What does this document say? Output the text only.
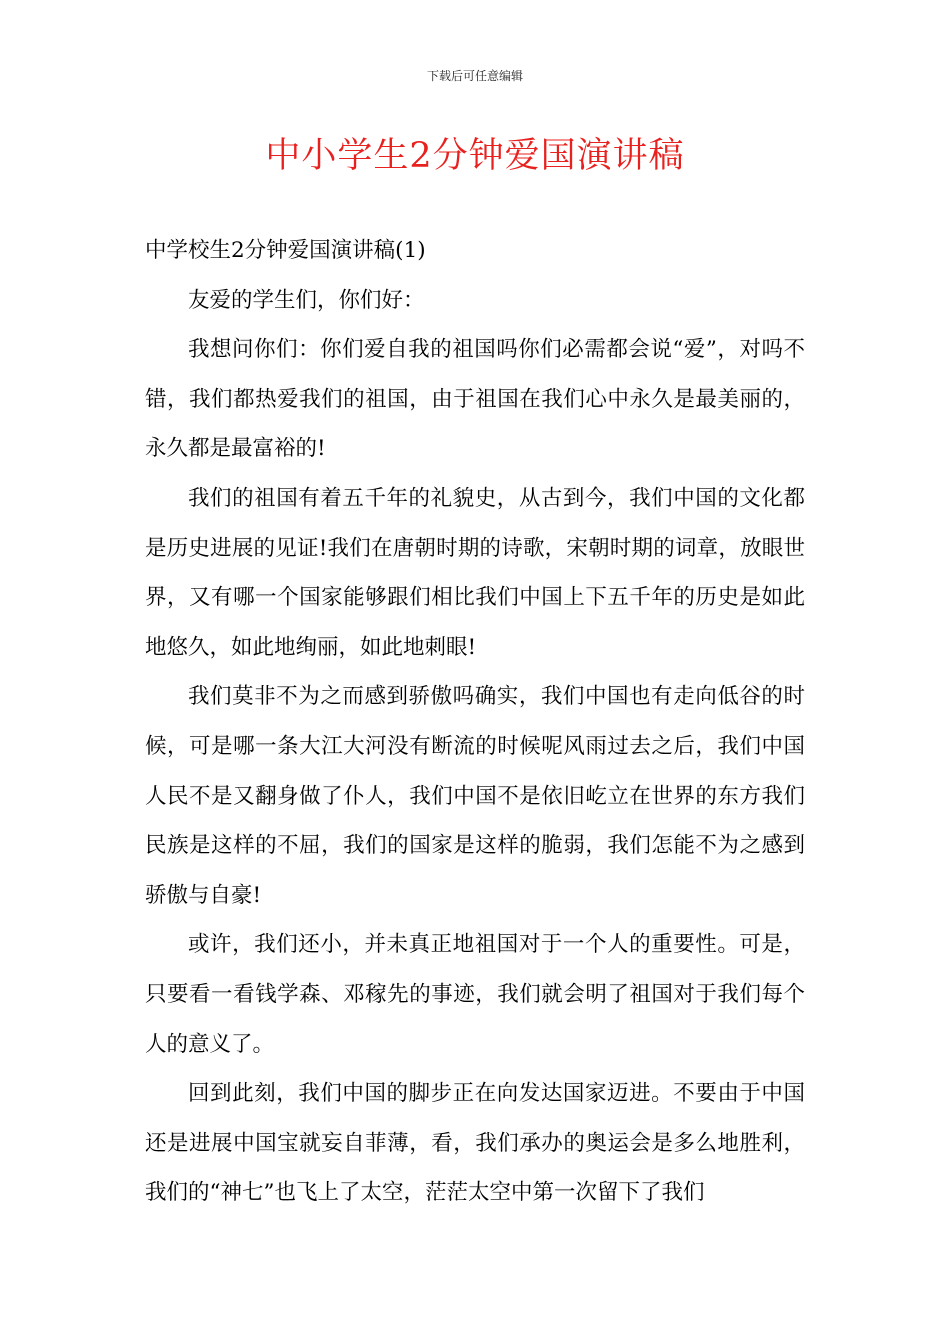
下载后可任意编辑
中小学生2分钟爱国演讲稿

中学校生2分钟爱国演讲稿(1)

友爱的学生们，你们好：

我想问你们：你们爱自我的祖国吗你们必需都会说“爱”，对吗不错，我们都热爱我们的祖国，由于祖国在我们心中永久是最美丽的，永久都是最富裕的!

我们的祖国有着五千年的礼貌史，从古到今，我们中国的文化都是历史进展的见证!我们在唐朝时期的诗歌，宋朝时期的词章，放眼世界，又有哪一个国家能够跟们相比我们中国上下五千年的历史是如此地悠久，如此地绚丽，如此地刺眼!

我们莫非不为之而感到骄傲吗确实，我们中国也有走向低谷的时候，可是哪一条大江大河没有断流的时候呢风雨过去之后，我们中国人民不是又翻身做了仆人，我们中国不是依旧屹立在世界的东方我们民族是这样的不屈，我们的国家是这样的脆弱，我们怎能不为之感到骄傲与自豪!

或许，我们还小，并未真正地祖国对于一个人的重要性。可是，只要看一看钱学森、邓稼先的事迹，我们就会明了祖国对于我们每个人的意义了。

回到此刻，我们中国的脚步正在向发达国家迈进。不要由于中国还是进展中国宝就妄自菲薄，看，我们承办的奥运会是多么地胜利，我们的“神七”也飞上了太空，茫茫太空中第一次留下了我们
